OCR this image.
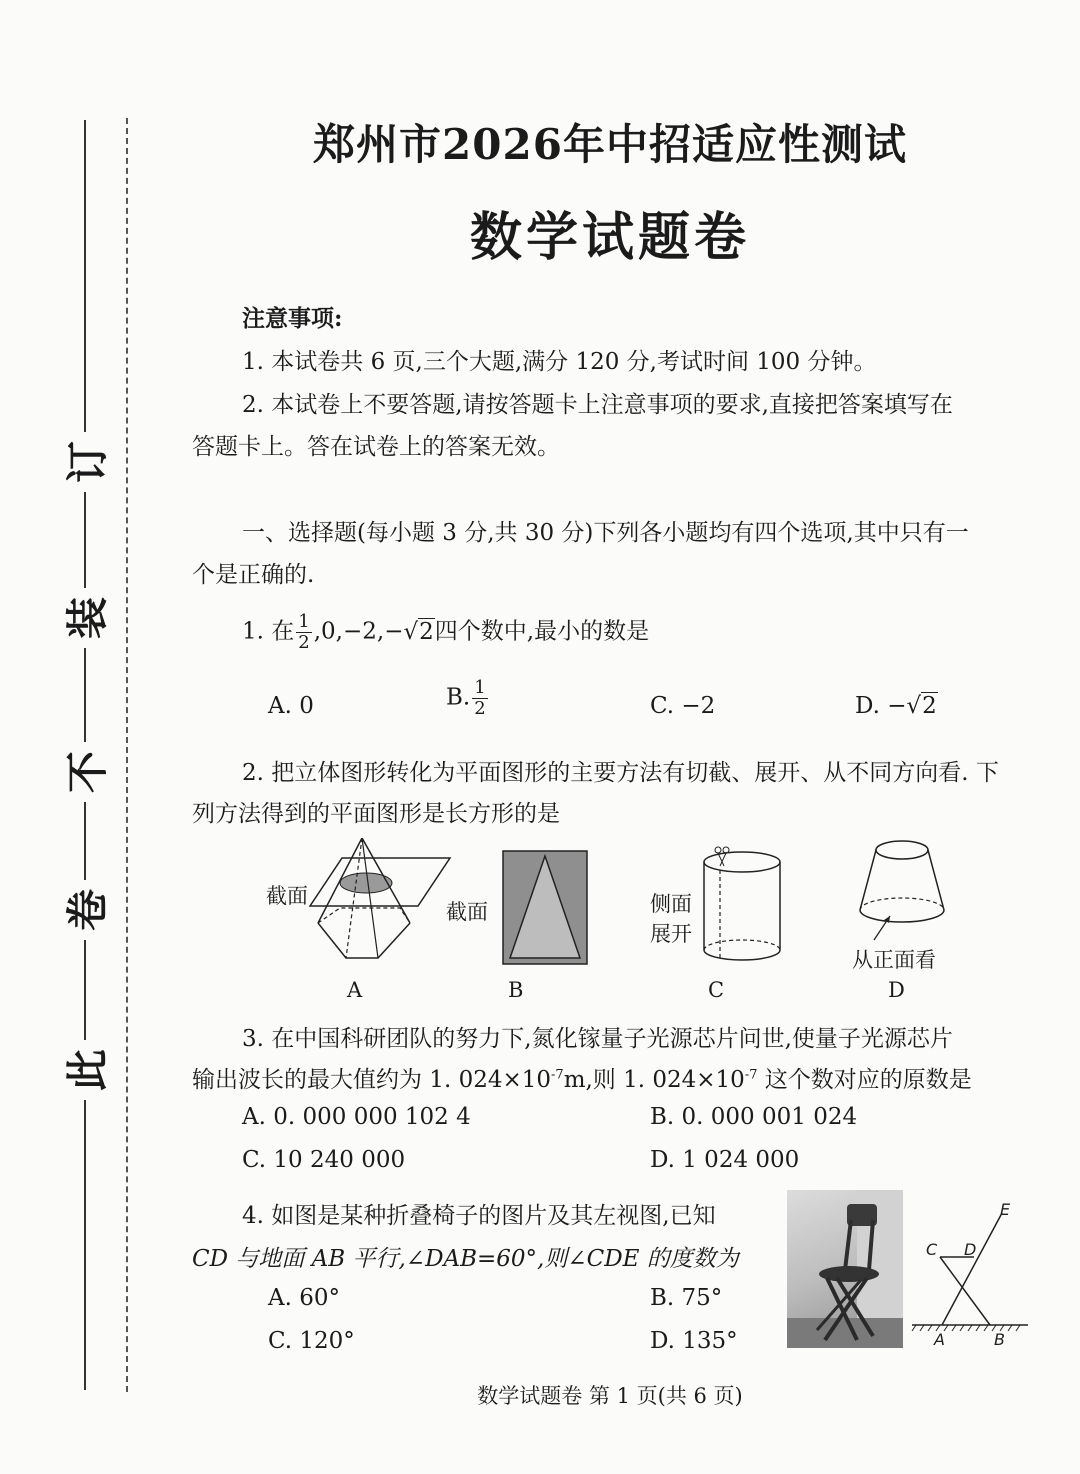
订
装
不
卷
此
郑州市2026年中招适应性测试
数学试题卷
注意事项:
1. 本试卷共 6 页,三个大题,满分 120 分,考试时间 100 分钟。
2. 本试卷上不要答题,请按答题卡上注意事项的要求,直接把答案填写在
答题卡上。答在试卷上的答案无效。
一、选择题(每小题 3 分,共 30 分)下列各小题均有四个选项,其中只有一
个是正确的.
1. 在 $\frac{1}{2} ,0,-2,-√2$四个数中,最小的数是
A. 0	B. $\frac{1}{2}$	C. −2	D. −√2
2. 把立体图形转化为平面图形的主要方法有切截、展开、从不同方向看. 下
列方法得到的平面图形是长方形的是
截面
A
截面
B
侧面
展开
C
从正面看
D
3. 在中国科研团队的努力下,氮化镓量子光源芯片问世,使量子光源芯片
输出波长的最大值约为 1. $024\times 10^{-7}m$,则 1. $024\times 10^{-7}$ 这个数对应的原数是
A. 0. 000 000 102 4	B. 0. 000 001 024
C. 10 240 000	D. 1 024 000
4. 如图是某种折叠椅子的图片及其左视图,已知
CD 与地面 AB 平行,∠DAB=60°,则∠CDE 的度数为
A. 60°	B. 75°
C. 120°	D. 135°	A	B
C D
E
数学试题卷 第 1 页(共 6 页)
